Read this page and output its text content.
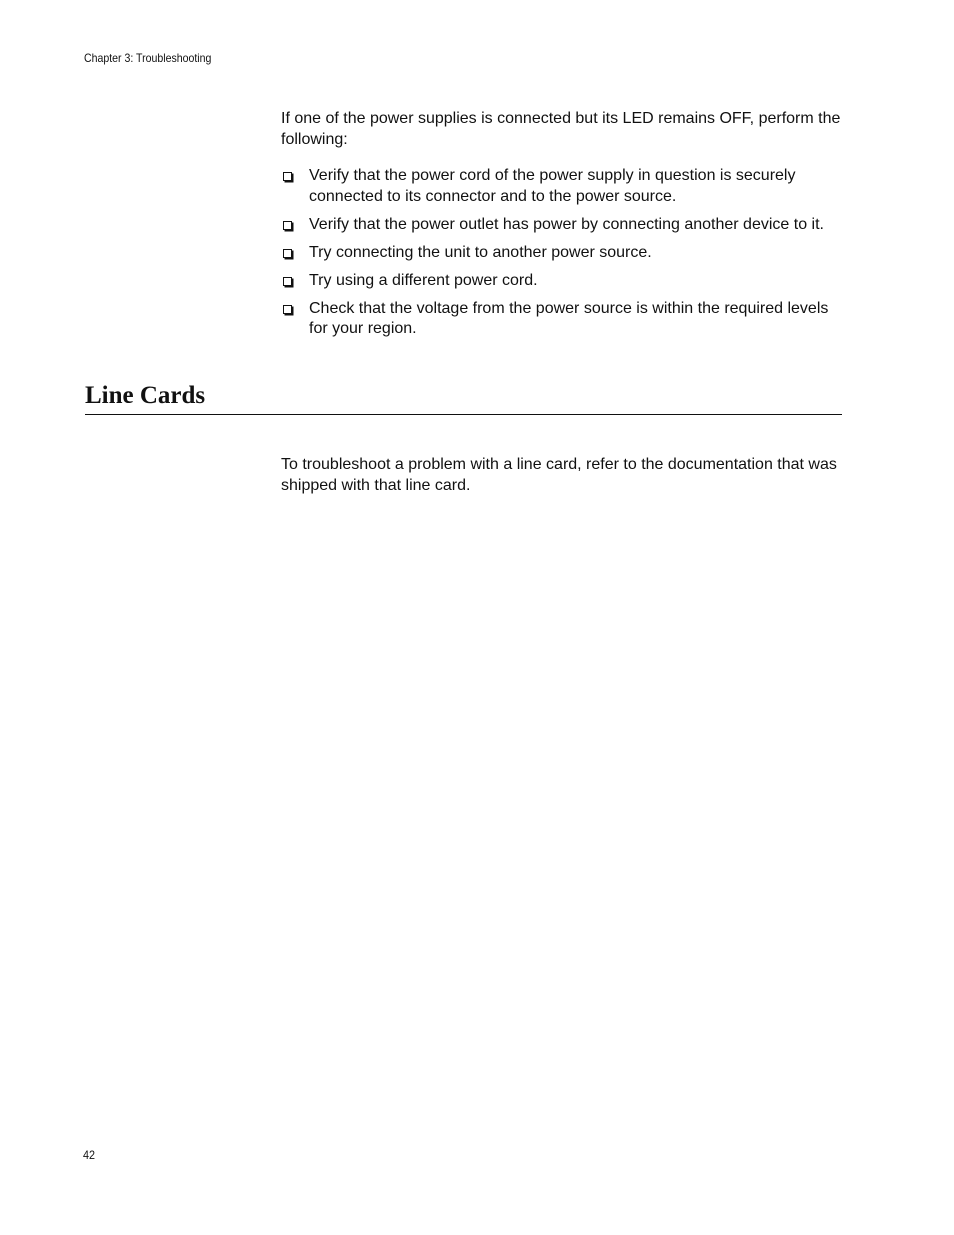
Chapter 3: Troubleshooting

If one of the power supplies is connected but its LED remains OFF, perform the following:

Verify that the power cord of the power supply in question is securely connected to its connector and to the power source.
Verify that the power outlet has power by connecting another device to it.
Try connecting the unit to another power source.
Try using a different power cord.
Check that the voltage from the power source is within the required levels for your region.
Line Cards

To troubleshoot a problem with a line card, refer to the documentation that was shipped with that line card.

42
